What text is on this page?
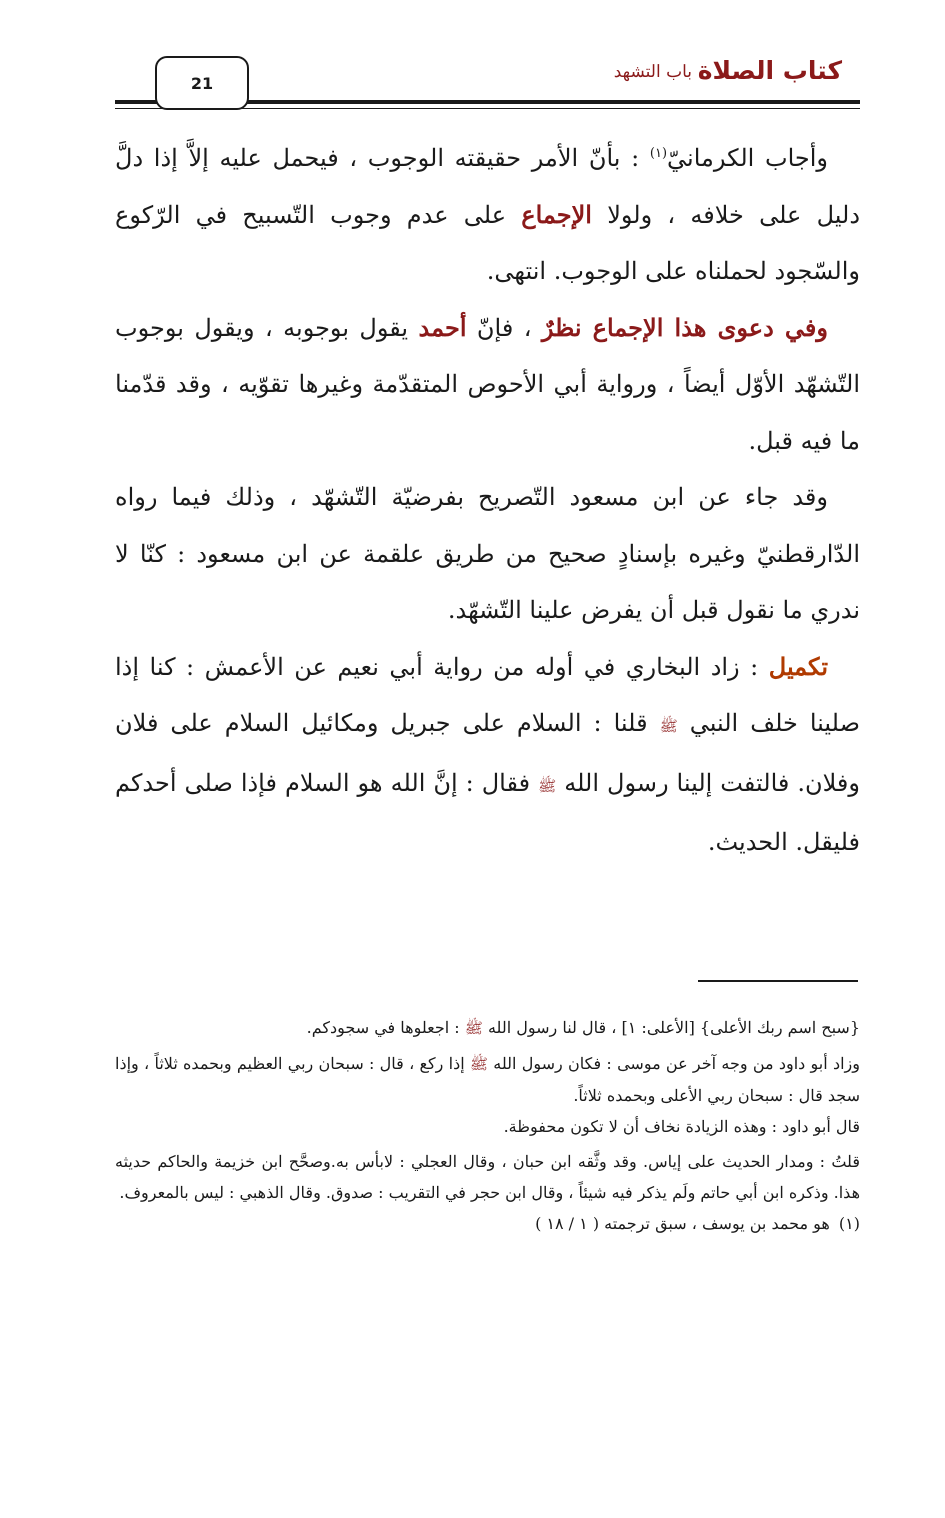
كتاب الصلاة
باب التشهد
21

وأجاب الكرمانيّ$^{(١)}$ : بأنّ الأمر حقيقته الوجوب ، فيحمل عليه إلاَّ إذا دلَّ دليل على خلافه ، ولولا الإجماع على عدم وجوب التّسبيح في الرّكوع والسّجود لحملناه على الوجوب. انتهى.

وفي دعوى هذا الإجماع نظرٌ ، فإنّ أحمد يقول بوجوبه ، ويقول بوجوب التّشهّد الأوّل أيضاً ، ورواية أبي الأحوص المتقدّمة وغيرها تقوّيه ، وقد قدّمنا ما فيه قبل.

وقد جاء عن ابن مسعود التّصريح بفرضيّة التّشهّد ، وذلك فيما رواه الدّارقطنيّ وغيره بإسنادٍ صحيح من طريق علقمة عن ابن مسعود : كنّا لا ندري ما نقول قبل أن يفرض علينا التّشهّد.

تكميل : زاد البخاري في أوله من رواية أبي نعيم عن الأعمش : كنا إذا صلينا خلف النبي ﷺ قلنا : السلام على جبريل ومكائيل السلام على فلان وفلان. فالتفت إلينا رسول الله ﷺ فقال : إنَّ الله هو السلام فإذا صلى أحدكم فليقل. الحديث.

{سبح اسم ربك الأعلى} [الأعلى: ١] ، قال لنا رسول الله ﷺ : اجعلوها في سجودكم.

وزاد أبو داود من وجه آخر عن موسى : فكان رسول الله ﷺ إذا ركع ، قال : سبحان ربي العظيم وبحمده ثلاثاً ، وإذا سجد قال : سبحان ربي الأعلى وبحمده ثلاثاً.

قال أبو داود : وهذه الزيادة نخاف أن لا تكون محفوظة.

قلتُ : ومدار الحديث على إياس. وقد وثَّقه ابن حبان ، وقال العجلي : لابأس به.وصحَّح ابن خزيمة والحاكم حديثه هذا. وذكره ابن أبي حاتم ولَم يذكر فيه شيئاً ، وقال ابن حجر في التقريب : صدوق. وقال الذهبي : ليس بالمعروف.

(١) هو محمد بن يوسف ، سبق ترجمته ( ١ / ١٨ )
